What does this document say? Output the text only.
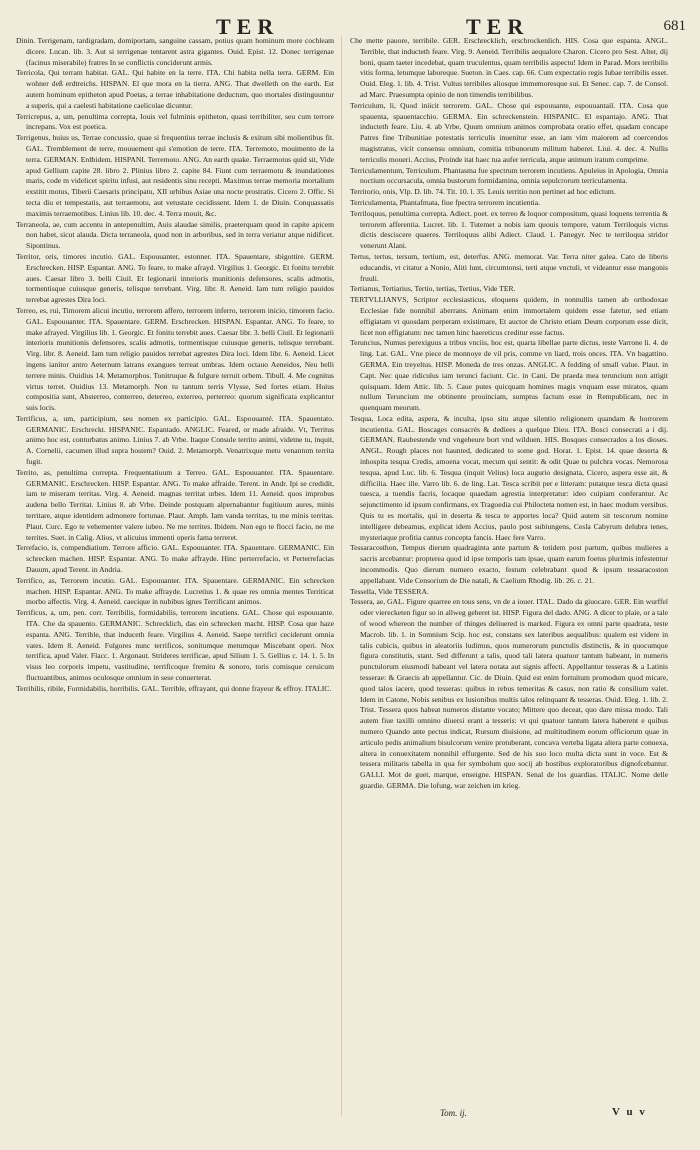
TER	TER	681

Dinin. Terrigenam, tardigradam, domiportam, sanguine cassam, potius quam hominum more cochleam dicere. Lucan. lib. 3. Aut si terrigenae tentarent astra gigantes. Ouid. Epist. 12. Donec terrigenae (facinus miserabile) fratres In se conflictis conciderunt armis.

Terricola, Qui terram habitat. GAL. Qui habite en la terre. ITA. Chi habita nella terra. GERM. Ein wohner deß erdtreichs. HISPAN. El que mora en la tierra. ANG. That dwelleth on the earth. Est autem hominum epitheton apud Poetas, a terrae inhabitatione deductum, quo mortales distinguuntur a superis, qui a caelesti habitatione caelicolae dicuntur.

Terricrepus, a, um, penultima correpta, Iouis vel fulminis epitheton, quasi terribiliter, seu cum terrore increpans. Vox est poetica.

Terrigenus, huius us, Terrae concussio, quae si frequentius terrae inclusis & exitum sibi molientibus fit. GAL. Tremblement de terre, mouuement qui s'emotion de terre. ITA. Terremoto, mouimento de la terra. GERMAN. Erdbidem. HISPANI. Terremoto. ANG. An earth quake. Terraemotus quid sit, Vide apud Gellium capite 28. libro 2. Plinius libro 2. capite 84. Fiunt cum terraemotu & inundationes maris, code m videlicet spiritu infusi, aut residentis sinu recepti. Maximus terrae memoria mortalium exstitit motus, Tiberii Caesaris principatu, XII urbibus Asiae una nocte prostratis. Cicero 2. Offic. Si tecta diu et tempestatis, aut terraemotu, aut vetustate cecidissent. Idem 1. de Diuin. Conquassatis maximis terraemotibus. Linius lib. 10. dec. 4. Terra mouit, &c.

Terraneola, ae, cum accentu in antepenultim, Auis alaudae similis, praeterquam quod in capite apicem non habet, sicut alauda. Dicta terraneola, quod non in arboribus, sed in terra veriatur atque nidificet. Sipontinus.

Territor, oris, timores incutio. GAL. Espouuanter, estonner. ITA. Spauentare, sbigottire. GERM. Erschrecken. HISP. Espantar. ANG. To feare, to make afrayd. Virgilius 1. Georgic. Et fonitu terrebit aues. Caesar libro 3. belli Ciuil. Et legionarii interioris munitionis defensores, scalis admotis, tormentisque cuiusque generis, telisque terrebant. Virg. libr. 8. Aeneid. Iam tum religio pauidos terrebat agrestes Dira loci.

Terreo, es, rui, Timorem alicui incutio, terrorem affero, terrorem inferro, terrorem inicio, timorem facio. GAL. Espouuanter. ITA. Spauentare. GERM. Erschrecken. HISPAN. Espantar. ANG. To feare, to make afrayed. Virgilius lib. 1. Georgic. Et fonitu terrebit aues. Caesar libr. 3. belli Ciuil. Et legionarii interioris munitionis defensores, scalis admotis, tormentisque cuiusque generis, telisque terrebant. Virg. libr. 8. Aeneid. Iam tum religio pauidos terrebat agrestes Dira loci. Idem libr. 6. Aeneid. Licet ingens ianitor antro Aeternum latrans exangues terreat umbras. Idem octauo Aeneidos, Neu belli terrere minis. Ouidius 14. Metamorphos. Tonitruque & fulgure terruit orbem. Tibull. 4. Me cognitus virtus terret. Ouidius 13. Metamorph. Non tu tantum terris Vlysse, Sed fortes etiam. Huius compositia sunt, Absterreo, conterreo, deterreo, exterreo, perterreo: quorum significata explicantur suis locis.

Terrificus, a, um, participium, seu nomen ex participio. GAL. Espouuanté. ITA. Spauentato. GERMANIC. Erschreckt. HISPANIC. Espantado. ANGLIC. Feared, or made afraide. Vt, Territus animo hoc est, conturbatus animo. Linius 7. ab Vrbe. Itaque Consule territo animi, videtne tu, inquit, A. Cornelii, cacumen illud supra hostem? Ouid. 2. Metamorph. Venatrixque metu venantum territa fugit.

Territo, as, penultima correpta. Frequentatiuum a Terreo. GAL. Espouuanter. ITA. Spauentare. GERMANIC. Erschrecken. HISP. Espantar. ANG. To make affraide. Terent. in Andr. Ipi se credidit, iam te miseram territas. Virg. 4. Aeneid. magnas territat urbes. Idem 11. Aeneid. quos improbus audena bello Territat. Linius 8. ab Vrbe. Deinde postquam alpernabantur fugitiuum aures, minis territare, atque identidem admonere fortunae. Plaut. Amph. Iam vanda territas, tu me minis territas. Plaut. Curc. Ego te vehementer valere iubeo. Ne me territes. Ibidem. Non ego te flocci facio, ne me territes. Suet. in Calig. Alios, vt alicuius immenti operis fama terreret.

Terrefacio, is, compendiatium. Terrore afficio. GAL. Espouuanter. ITA. Spauentare. GERMANIC. Ein schrecken machen. HISP. Espantar. ANG. To make affrayde. Hinc perterrefacio, vt Perterrefacias Dauum, apud Terent. in Andria.

Terrifico, as, Terrorem incutio. GAL. Espouuanter. ITA. Spauentare. GERMANIC. Ein schrecken machen. HISP. Espantar. ANG. To make affrayde. Lucretius 1. & quae res omnia mentes Territicat morbo affectis. Virg. 4. Aeneid. caecique in nubibus ignes Terrificant animos.

Terrificus, a, um, pen. corr. Terribilis, formidabilis, terrorem incutiens. GAL. Chose qui espouuante. ITA. Che da spauento. GERMANIC. Schrecklich, das ein schrecken macht. HISP. Cosa que haze espanta. ANG. Terrible, that induceth feare. Virgilius 4. Aeneid. Saepe terrifici ceciderunt omnia vates. Idem 8. Aeneid. Fulgores nunc terrificos, sonitumque metumque Miscebant operi. Nox terrifica, apud Valer. Flacc. 1. Argonaut. Strideres terrificae, apud Silium 1. 5. Gellius c. 14. 1. 5. In visus leo corporis impetu, vastitudine, terrificoque fremitu & sonoro, toris comisque ceruicum fluctuantibus, animos oculosque omnium in sese conuerterat.

Terribilis, ribile, Formidabilis, horribilis. GAL. Terrible, effrayant, qui donne frayeur & effroy. ITALIC.

Che mette pauore, terribile. GER. Erschrecklich, erschrockenlich. HIS. Cosa que espanta. ANGL. Terrible, that inducteth feare. Virg. 9. Aeneid. Terribilis aequalore Charon. Cicero pro Sest. Alter, dij boni, quam taeter incedebat, quam truculentus, quam terribilis aspectu! Idem in Parad. Mors terribilis vitis forma, letumque laboreque. Sueton. in Caes. cap. 66. Cum expectatio regis Iubae terribilis esset. Ouid. Eleg. 1. lib. 4. Trist. Vultus terribiles aliosque immemoresque sui. Et Senec. cap. 7. de Consol. ad Marc. Praesumpta opinio de non timendis terribilibus.

Terriculum, li, Quod iniicit terrorem. GAL. Chose qui espouuante, espouuantail. ITA. Cosa que spauenta, spauentacchio. GERMA. Ein schreckenstein. HISPANIC. El espantajo. ANG. That inducteth feare. Liu. 4. ab Vrbe, Quum omnium animos comprobata oratio effet, quadam concape Patres fine Tribunitiae potestatis terriculis inuenitur esse, an iam vim maiorem ad coercendos magistratus, vicit consensu omnium, comitia tribunorum militum haberet. Liui. 4. dec. 4. Nullis terriculis moueri. Accius, Proinde itat haec tua aufer terricula, atque animum iratum comprime.

Terriculamentum, Terriculum. Phantasma fue spectrum terrorem incutiens. Apuleius in Apologia, Omnia noctium occursacula, omnia bustorum formidamina, omnia sepulcrorum terriculamenta.

Territorio, onis, Vlp. D. lib. 74. Tit. 10. l. 35. Leuis territio non pertinet ad hoc edictum.

Terriculamenta, Phantafmata, fiue fpectra terrorem incutientia.

Terriloquus, penultima correpta. Adiect. poet. ex terreo & loquor compositum, quasi loquens terrentia & terrorem afferentia. Lucret. lib. 1. Tutemet a nobis iam quouis tempore, vatum Terriloquis victus dictis desciscere quaeres. Terriloquus alibi Adiect. Claud. 1. Panegyr. Nec te terriloqua stridor venerunt Alani.

Tertus, tertus, tersum, tertium, est, deterfus. ANG. memorat. Var. Terra niter galea. Cato de liberis educandis, vt citatur a Nonio, Aliti lunt, circumtonsi, terti atque vnctuli, vt videantur esse mangonis fruuli.

Tertianus, Tertiarius, Tertio, tertias, Tertius, Vide TER.

TERTVLLIANVS, Scriptor ecclesiasticus, eloquens quidem, in nonnullis tamen ab orthodoxae Ecclesiae fide nonnihil aberrans. Animam enim immortalem quidem esse fatetur, sed etiam effigiatam vt quosdam perperam existimare, Et auctor de Christo etiam Deum corporum esse dicit, licet non effigiatum: nec tamen hinc haereticus creditur esse factus.

Teruncius, Numus perexiguus a tribus vnciis, hoc est, quarta libellae parte dictus, teste Varrone li. 4. de ling. Lat. GAL. Vne piece de monnoye de vil pris, comme vn liard, trois onces. ITA. Vn bagattino. GERMA. Ein treyeltus. HISP. Moneda de tres onzas. ANGLIC. A fedding of small value. Plaut. in Capt. Nec quae ridiculus iam terunci faciunt. Cic. in Cani. De praeda mea teruncium non attigit quisquam. Idem Attic. lib. 5. Caue putes quicquam homines magis vnquam esse miratos, quam nullum Teruncium me obtinente prouinciam, sumptus factum esse in Rempublicam, nec in quenquam meorum.

Tesqua, Loca edita, aspera, & inculta, ipso situ atque silentio religionem quandam & horrorem incutientia. GAL. Boscages consacrés & dediees a quelque Dieu. ITA. Bosci consecrati a i dij. GERMAN. Raubestende vnd vngeheure bort vnd wilduen. HIS. Bosques consecrados a los dioses. ANGL. Rough places not haunted, dedicated to some god. Horat. 1. Epist. 14. quae deserta & inhospita tesqua Credis, amoena vocat, mecum qui sentit: & odit Quae tu pulchra vocas. Nemorosa tesqua, apud Luc. lib. 6. Tesqua (inquit Velius) loca augurio designata, Cicero, aspera esse ait, & difficilia. Haec ille. Varro lib. 6. de ling. Lat. Tesca scribit per e litteram: putatque tesca dicta quasi tuesca, a tuendis facris, locaque quaedam agrestia interpretatur: ideo cuipiam conferantur. Ac sejunctimento id ipsum confirmans, ex Tragoedia cui Philocteta nomen est, in haec modum versibus. Quis tu es mortalis, qui in deserta & tesca te apportes loca? Quid autem sit tescorum nomine intelligere debeamus, explicat idem Accius, paulo post subiungens, Cesla Cabyrum delubra tenes, mysteriaque profitia cantus concepta fancis. Haec fere Varro.

Tessaracosthon, Tempus dierum quadraginta ante partum & totidem post partum, quibus mulieres a sacris arcebantur: propterea quod id ipse temporis tam ipsae, quam earum foetus plurimis infestentur incommodis. Quo dierum numero exacto, festum celebrabant quod & ipsum tessaracoston appellabant. Vide Censorium de Die natali, & Caelium Rhodig. lib. 26. c. 21.

Tessella, Vide TESSERA.

Tessera, ae, GAL. Figure quarree en tous sens, vn de a iouer. ITAL. Dado da giuocare. GER. Ein wurffel oder vierecketen figur so in allweg geheret ist. HISP. Figura del dado. ANG. A dicer to plaie, or a tale of wood whereon the number of thinges deliuered is marked. Figura ex omni parte quadrata, teste Macrob. lib. 1. in Somnium Scip. hoc est, constans sex lateribus aequalibus: qualem est videre in talis cubicis, quibus in aleatoriis ludimus, quos numerorum punctulis distinctis, & in quocumque figura constitutis, stant. Sed differunt a talis, quod tali latera quatuor tantum habeant, in numeris punctulorum eiusmodi habeant vel latera notata aut signis affecti. Appellantur tesseras & a Latinis tesserae: & Graecis ab appellantur. Cic. de Diuin. Quid est enim fortuitum promodum quod micare, quod talos iacere, quod tesseras: quibus in rebus temeritas & casus, non ratio & consilium valet. Idem in Catone, Nobis senibus ex lusionibus multis talos relinquant & tesseras. Ouid. Eleg. 1. lib. 2. Trist. Tessera quos habeat numeros distante vocato; Mittere quo deceat, quo dare missa modo. Tali autem fiue taxilli omnino diuersi erant a tesseris: vt qui quatuor tantum latera haberent e quibus numero Quando ante pectus indicat, Rursum diuisione, ad multitudinem eorum officiorum quae in articulo pedis animalium bisulcorum venire protuberant, concava verteba ligata altera parte conuexa, altera in conuexitatem nonnihil effurgente. Sed de his suo loco multa dicta sunt in voce. Est & tessera militaris tabella in qua fer symbolum quo socij ab hostibus exploratoribus dignofcebantur. GALLI. Mot de guet, marque, enseigne. HISPAN. Senal de los guardias. ITALIC. Nome delle guardie. GERMA. Die lofung, war zeichen im krieg.

Tom. ij.	V u v
